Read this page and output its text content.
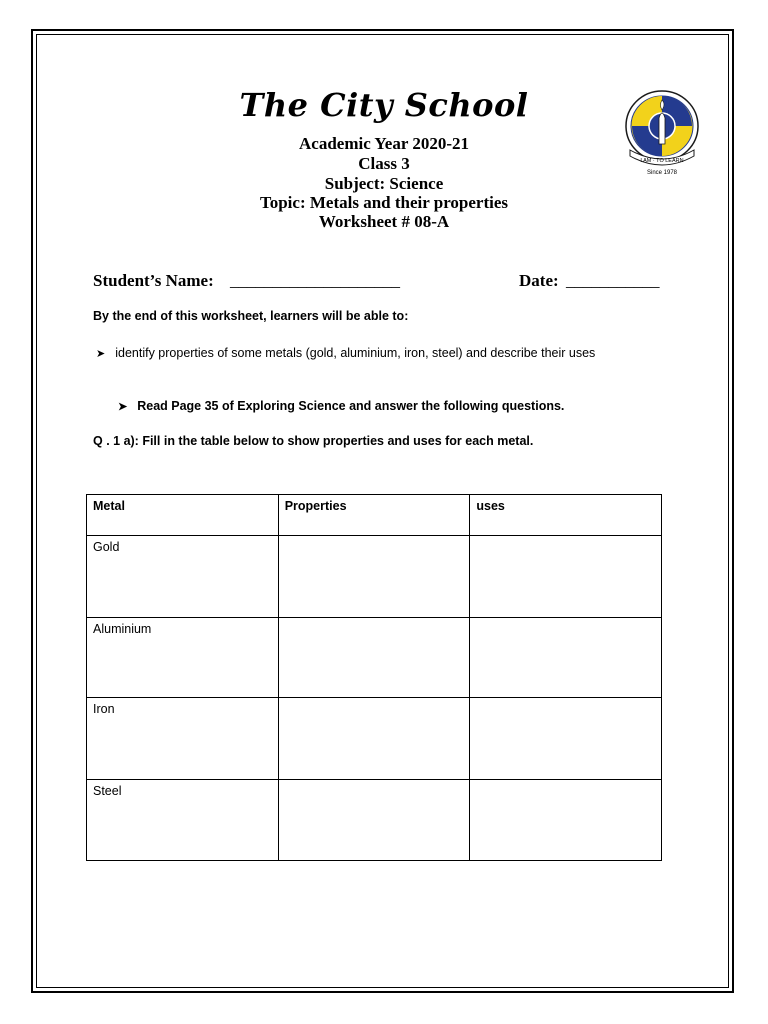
The City School
Academic Year 2020-21
Class 3
Subject: Science
Topic: Metals and their properties
Worksheet # 08-A
I AM · TO LEARN
Since 1978
Student’s Name: ____________________	Date: ___________
By the end of this worksheet, learners will be able to:
➤ identify properties of some metals (gold, aluminium, iron, steel) and describe their uses
➤ Read Page 35 of Exploring Science and answer the following questions.
Q . 1 a): Fill in the table below to show properties and uses for each metal.
Metal	Properties	uses
Gold		
Aluminium		
Iron		
Steel		
